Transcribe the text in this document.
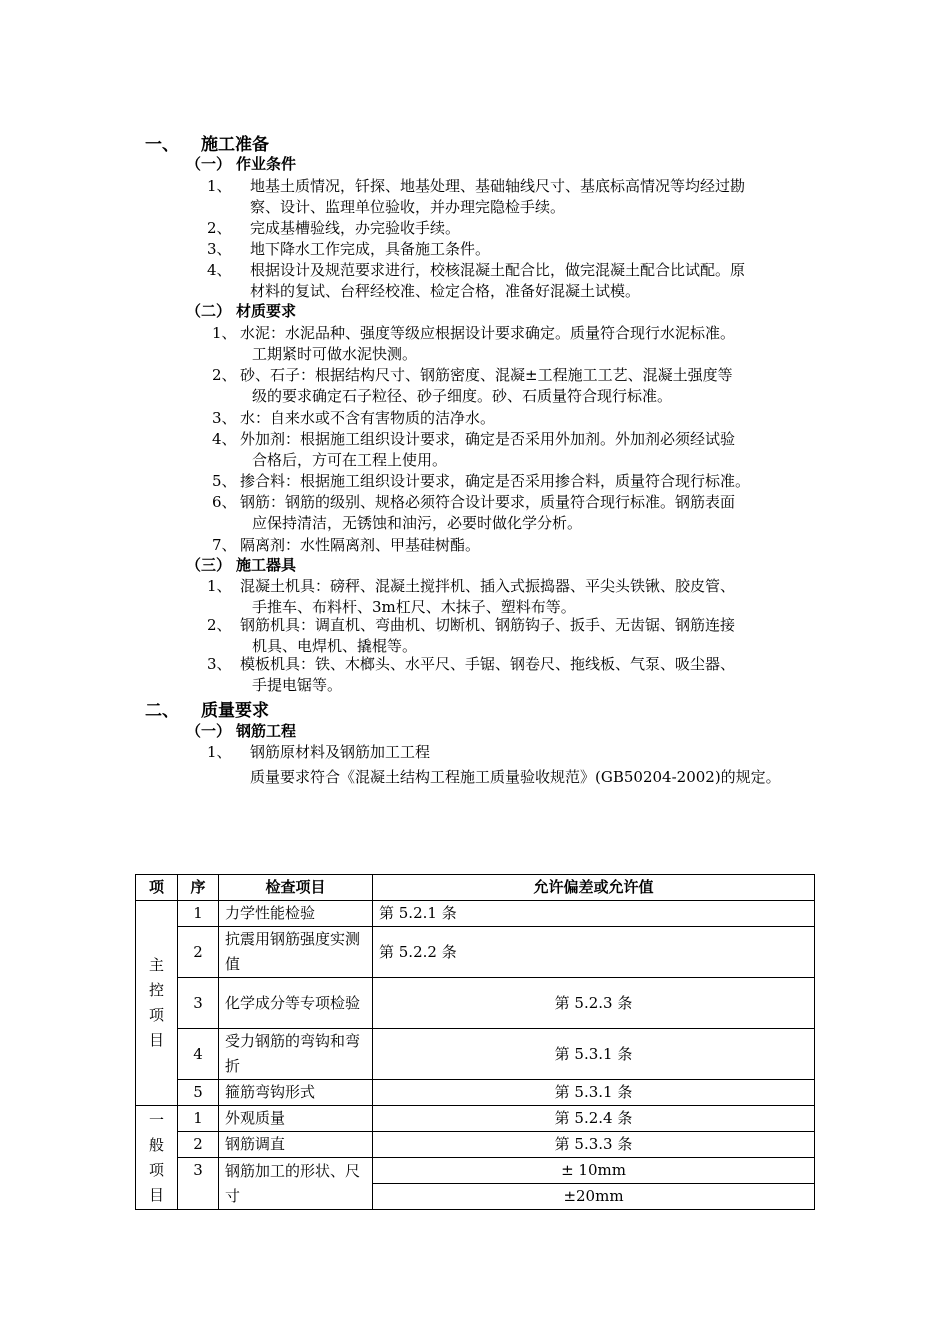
一、 施工准备
（一） 作业条件
1、 地基土质情况，钎探、地基处理、基础轴线尺寸、基底标高情况等均经过勘
察、设计、监理单位验收，并办理完隐检手续。
2、 完成基槽验线，办完验收手续。
3、 地下降水工作完成，具备施工条件。
4、 根据设计及规范要求进行，校核混凝土配合比，做完混凝土配合比试配。原
材料的复试、台秤经校准、检定合格，准备好混凝土试模。
（二） 材质要求
1、 水泥：水泥品种、强度等级应根据设计要求确定。质量符合现行水泥标准。
工期紧时可做水泥快测。
2、 砂、石子：根据结构尺寸、钢筋密度、混凝±工程施工工艺、混凝土强度等
级的要求确定石子粒径、砂子细度。砂、石质量符合现行标准。
3、 水：自来水或不含有害物质的洁净水。
4、 外加剂：根据施工组织设计要求，确定是否采用外加剂。外加剂必须经试验
合格后，方可在工程上使用。
5、 掺合料：根据施工组织设计要求，确定是否采用掺合料，质量符合现行标准。
6、 钢筋：钢筋的级别、规格必须符合设计要求，质量符合现行标准。钢筋表面
应保持清洁，无锈蚀和油污，必要时做化学分析。
7、 隔离剂：水性隔离剂、甲基硅树酯。
（三） 施工器具
1、 混凝土机具：磅秤、混凝土搅拌机、插入式振捣器、平尖头铁锹、胶皮管、
手推车、布料杆、3m杠尺、木抹子、塑料布等。
2、 钢筋机具：调直机、弯曲机、切断机、钢筋钩子、扳手、无齿锯、钢筋连接
机具、电焊机、撬棍等。
3、 模板机具：铁、木榔头、水平尺、手锯、钢卷尺、拖线板、气泵、吸尘器、
手提电锯等。
二、 质量要求
（一） 钢筋工程
1、 钢筋原材料及钢筋加工工程
质量要求符合《混凝土结构工程施工质量验收规范》(GB50204-2002)的规定。
项	序	检查项目	允许偏差或允许值

主控项目	1	力学性能检验	第 5.2.1 条
	2	抗震用钢筋强度实测值	第 5.2.2 条
	3	化学成分等专项检验	第 5.2.3 条
	4	受力钢筋的弯钩和弯折	第 5.3.1 条
	5	箍筋弯钩形式	第 5.3.1 条

一般项目	1	外观质量	第 5.2.4 条
	2	钢筋调直	第 5.3.3 条
	3	钢筋加工的形状、尺寸	± 10mm
			±20mm
